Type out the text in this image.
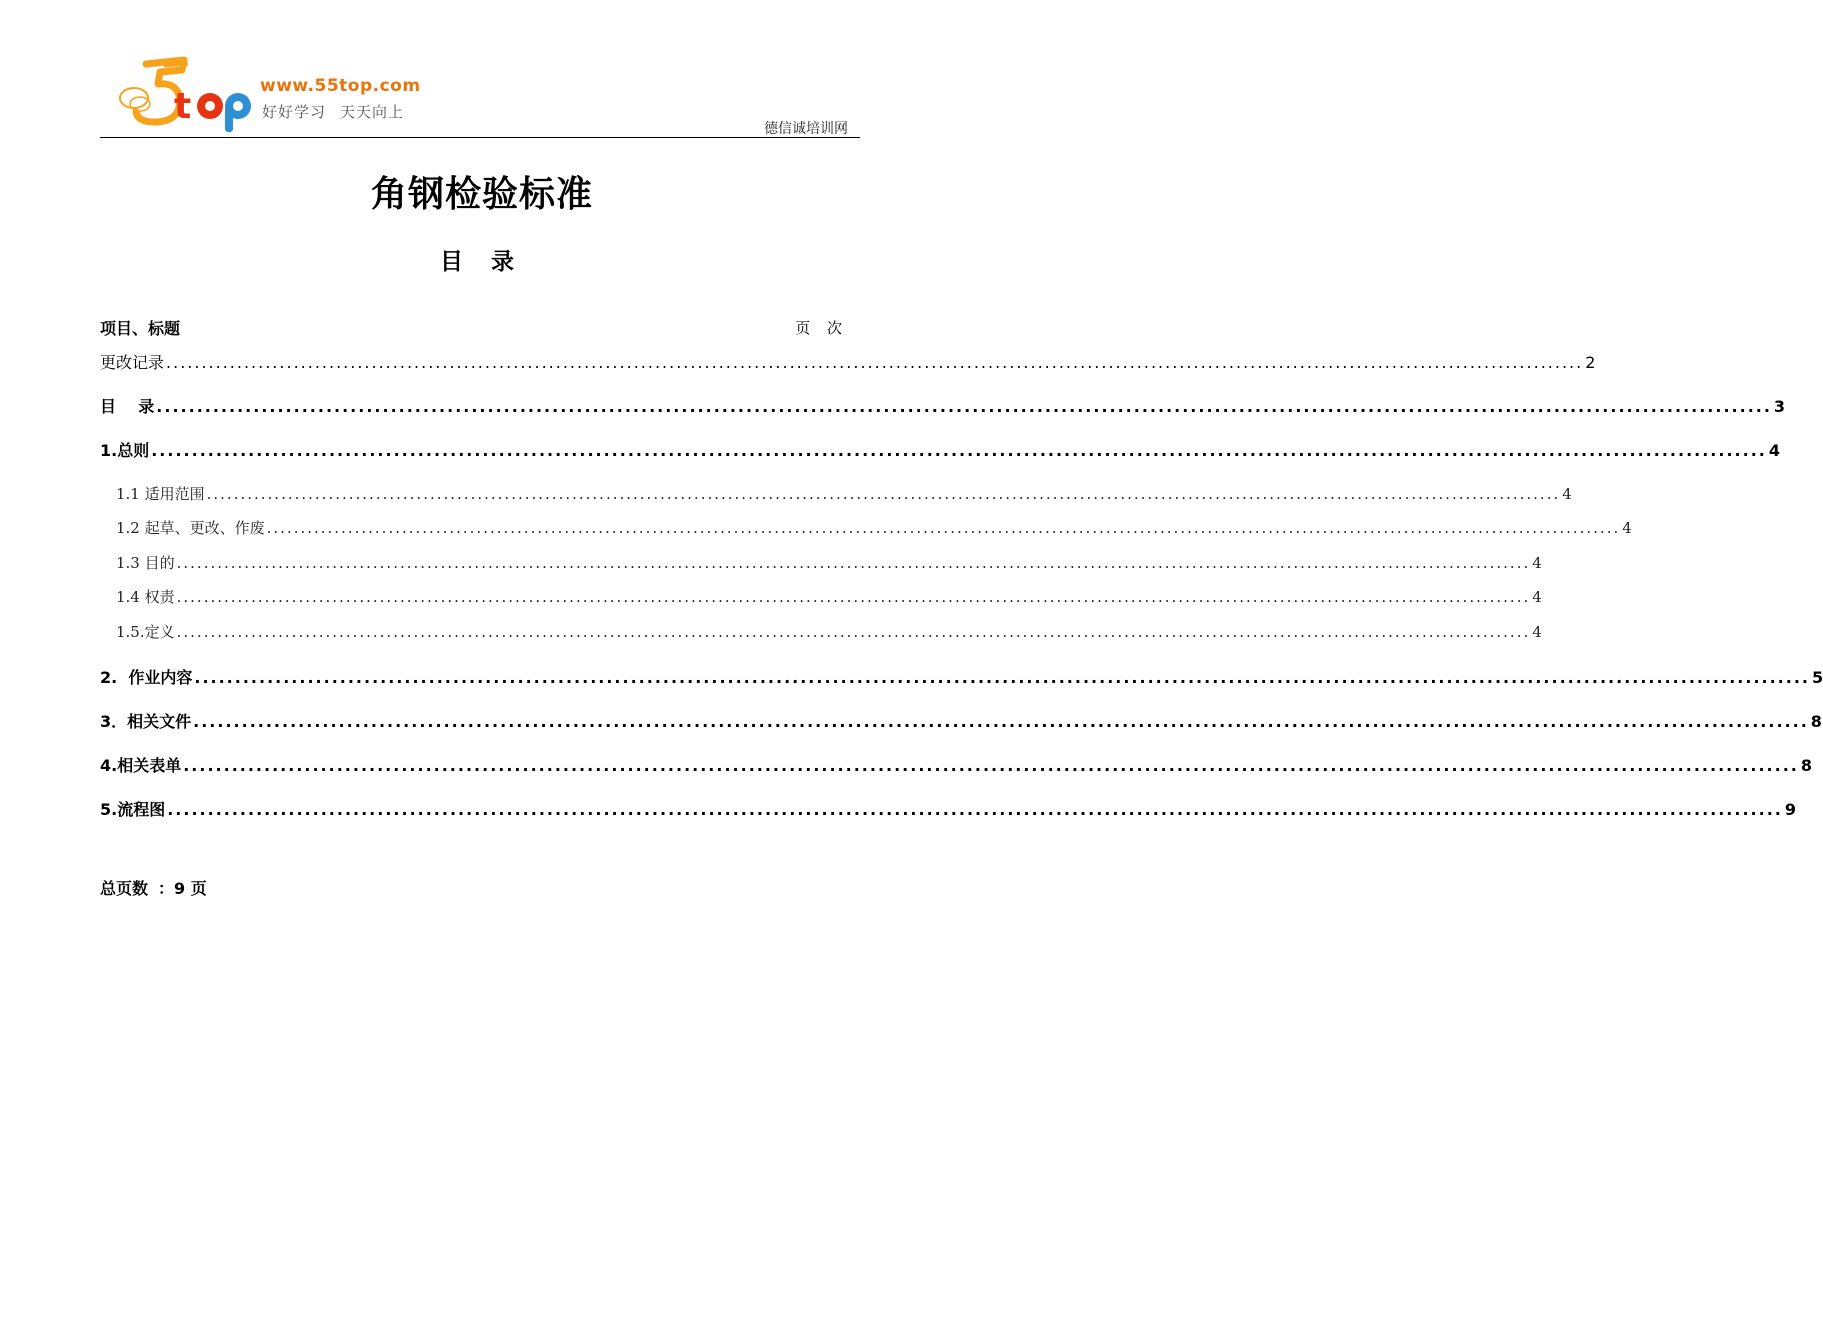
t	www.55top.com
好好学习 天天向上
德信诚培训网
角钢检验标准
目 录
项目、标题	页 次
更改记录 ........................................................................................................................................................................................................ 2
目    录 ........................................................................................................................................................................................................ 3
1.总则 ........................................................................................................................................................................................................ 4
1.1 适用范围 ........................................................................................................................................................................................................ 4
1.2 起草、更改、作废 ........................................................................................................................................................................................................ 4
1.3 目的 ........................................................................................................................................................................................................ 4
1.4 权责 ........................................................................................................................................................................................................ 4
1.5.定义 ........................................................................................................................................................................................................ 4
2.  作业内容 ........................................................................................................................................................................................................ 5
3．相关文件 ........................................................................................................................................................................................................ 8
4.相关表单 ........................................................................................................................................................................................................ 8
5.流程图 ........................................................................................................................................................................................................ 9
总页数 ：9 页
